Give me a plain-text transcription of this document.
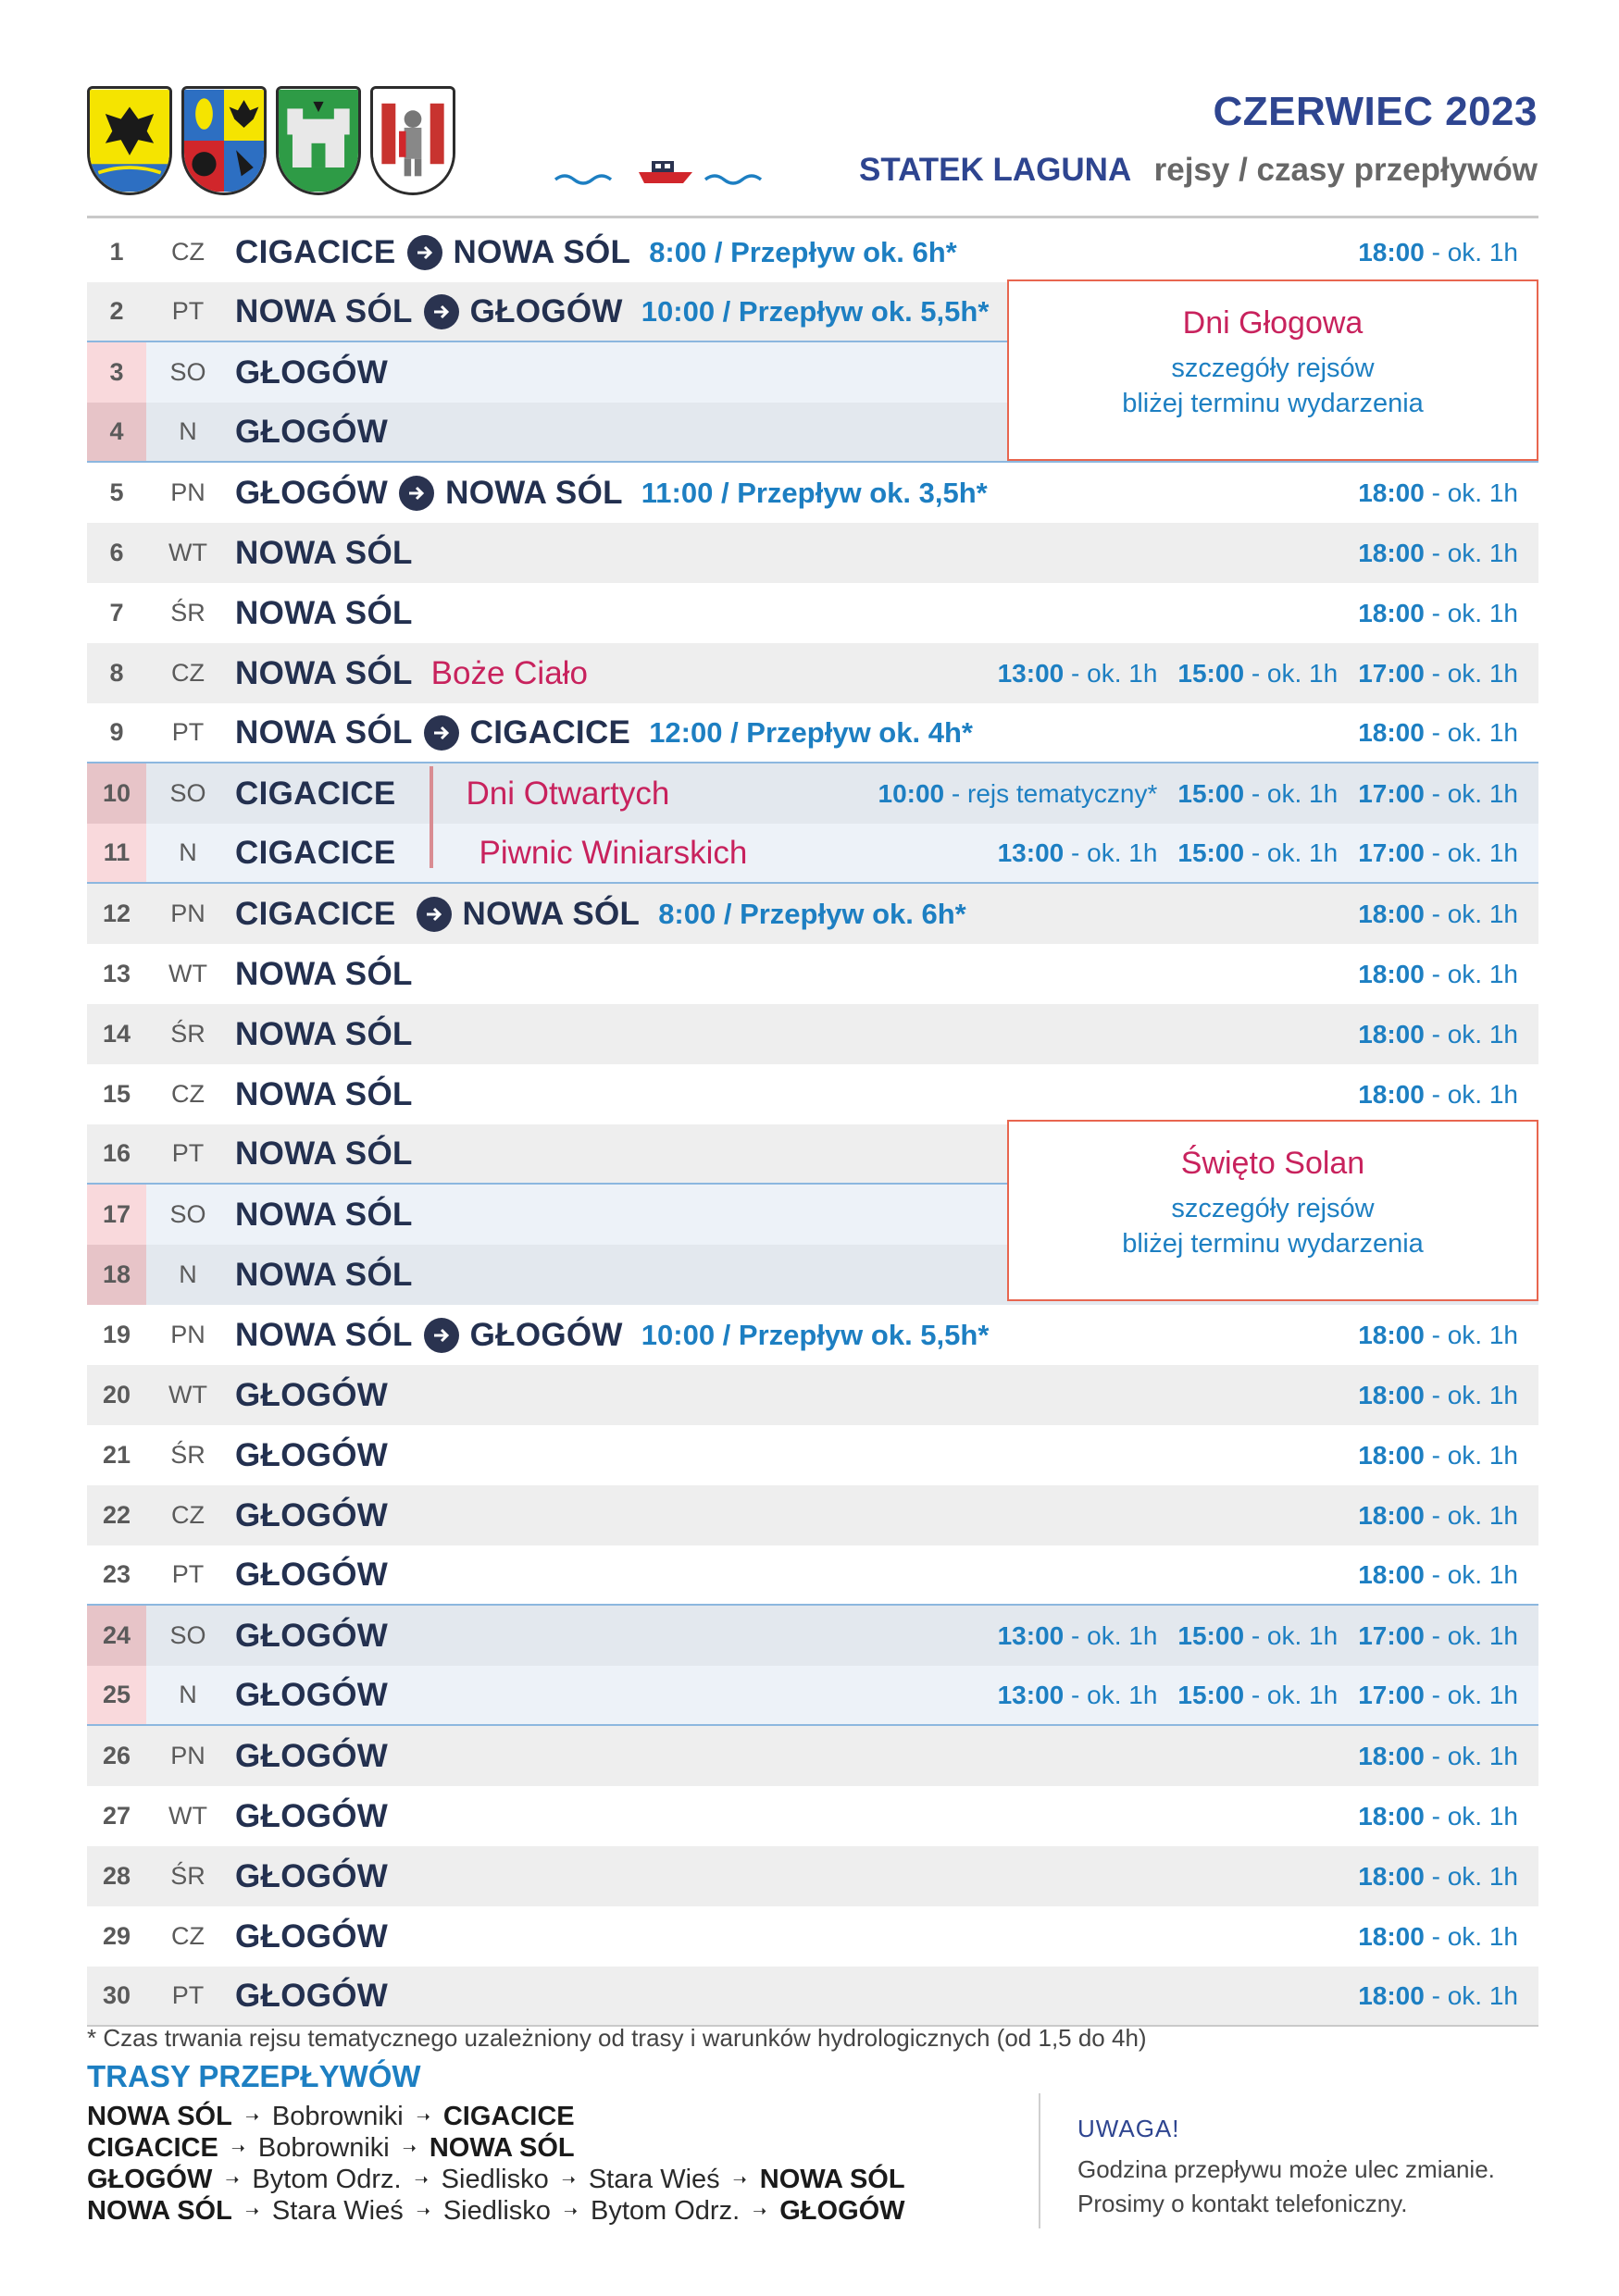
CZERWIEC 2023
STATEK LAGUNA rejsy / czasy przepływów
1	CZ CIGACICE NOWA SÓL 8:00 / Przepływ ok. 6h*	18:00 - ok. 1h
2	PT NOWA SÓL GŁOGÓW 10:00 / Przepływ ok. 5,5h*
3	SO GŁOGÓW
4	N	GŁOGÓW
5	PN GŁOGÓW NOWA SÓL 11:00 / Przepływ ok. 3,5h*	18:00 - ok. 1h
6	WT NOWA SÓL	18:00 - ok. 1h
7	ŚR NOWA SÓL	18:00 - ok. 1h
8	CZ NOWA SÓL Boże Ciało	13:00 - ok. 1h 15:00 - ok. 1h 17:00 - ok. 1h
9	PT NOWA SÓL CIGACICE 12:00 / Przepływ ok. 4h*	18:00 - ok. 1h
10	SO CIGACICE Dni Otwartych	10:00 - rejs tematyczny* 15:00 - ok. 1h 17:00 - ok. 1h
11	N	CIGACICE	Piwnic Winiarskich	13:00 - ok. 1h 15:00 - ok. 1h 17:00 - ok. 1h
12	PN CIGACICE NOWA SÓL 8:00 / Przepływ ok. 6h*	18:00 - ok. 1h
13	WT NOWA SÓL	18:00 - ok. 1h
14	ŚR NOWA SÓL	18:00 - ok. 1h
15	CZ NOWA SÓL	18:00 - ok. 1h
16	PT NOWA SÓL
17	SO NOWA SÓL
18	N	NOWA SÓL
19	PN NOWA SÓL GŁOGÓW 10:00 / Przepływ ok. 5,5h*	18:00 - ok. 1h
20	WT GŁOGÓW	18:00 - ok. 1h
21	ŚR GŁOGÓW	18:00 - ok. 1h
22	CZ GŁOGÓW	18:00 - ok. 1h
23	PT GŁOGÓW	18:00 - ok. 1h
24	SO GŁOGÓW	13:00 - ok. 1h 15:00 - ok. 1h 17:00 - ok. 1h
25	N	GŁOGÓW	13:00 - ok. 1h 15:00 - ok. 1h 17:00 - ok. 1h
26	PN GŁOGÓW	18:00 - ok. 1h
27	WT GŁOGÓW	18:00 - ok. 1h
28	ŚR GŁOGÓW	18:00 - ok. 1h
29	CZ GŁOGÓW	18:00 - ok. 1h
30	PT GŁOGÓW	18:00 - ok. 1h
Dni Głogowa
szczegóły rejsów
bliżej terminu wydarzenia
Święto Solan
szczegóły rejsów
bliżej terminu wydarzenia
* Czas trwania rejsu tematycznego uzależniony od trasy i warunków hydrologicznych (od 1,5 do 4h)
TRASY PRZEPŁYWÓW
NOWA SÓL ➝ Bobrowniki ➝ CIGACICE
CIGACICE ➝ Bobrowniki ➝ NOWA SÓL
GŁOGÓW ➝ Bytom Odrz. ➝ Siedlisko ➝ Stara Wieś ➝ NOWA SÓL
NOWA SÓL ➝ Stara Wieś ➝ Siedlisko ➝ Bytom Odrz. ➝ GŁOGÓW
UWAGA!
Godzina przepływu może ulec zmianie.
Prosimy o kontakt telefoniczny.
